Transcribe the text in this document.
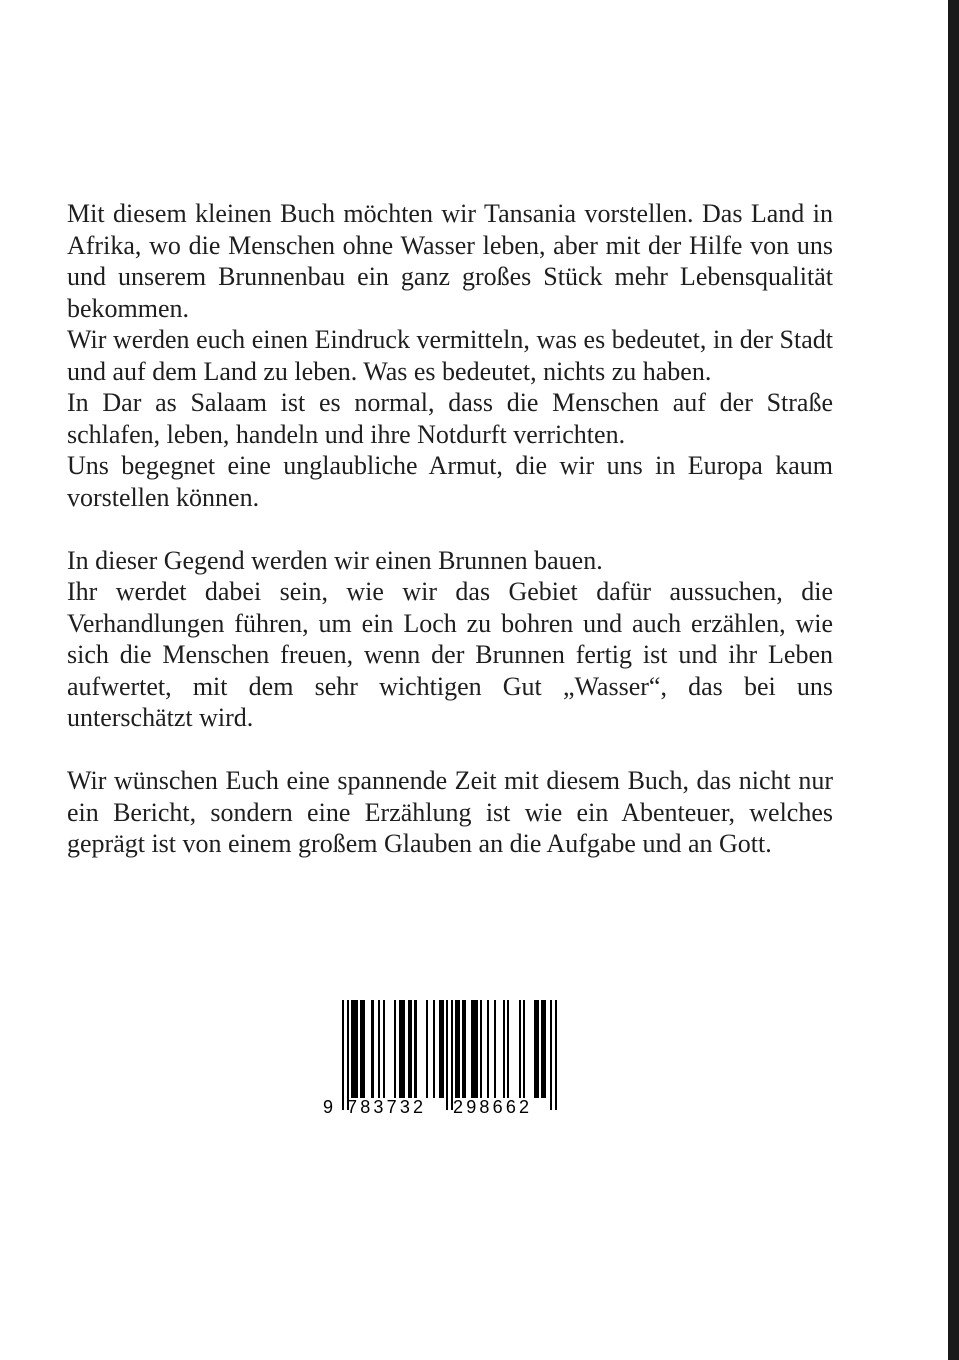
Mit diesem kleinen Buch möchten wir Tansania vorstellen. Das Land in Afrika, wo die Menschen ohne Wasser leben, aber mit der Hilfe von uns und unserem Brunnenbau ein ganz großes Stück mehr Lebensqualität bekommen.

Wir werden euch einen Eindruck vermitteln, was es bedeutet, in der Stadt und auf dem Land zu leben. Was es bedeutet, nichts zu haben.

In Dar as Salaam ist es normal, dass die Menschen auf der Straße schlafen, leben, handeln und ihre Notdurft verrichten.

Uns begegnet eine unglaubliche Armut, die wir uns in Europa kaum vorstellen können.

In dieser Gegend werden wir einen Brunnen bauen.

Ihr werdet dabei sein, wie wir das Gebiet dafür aussuchen, die Verhandlungen führen, um ein Loch zu bohren und auch erzählen, wie sich die Menschen freuen, wenn der Brunnen fertig ist und ihr Leben aufwertet, mit dem sehr wichtigen Gut „Wasser“, das bei uns unterschätzt wird.

Wir wünschen Euch eine spannende Zeit mit diesem Buch, das nicht nur ein Bericht, sondern eine Erzählung ist wie ein Abenteuer, welches geprägt ist von einem großem Glauben an die Aufgabe und an Gott.

9 783732 298662
